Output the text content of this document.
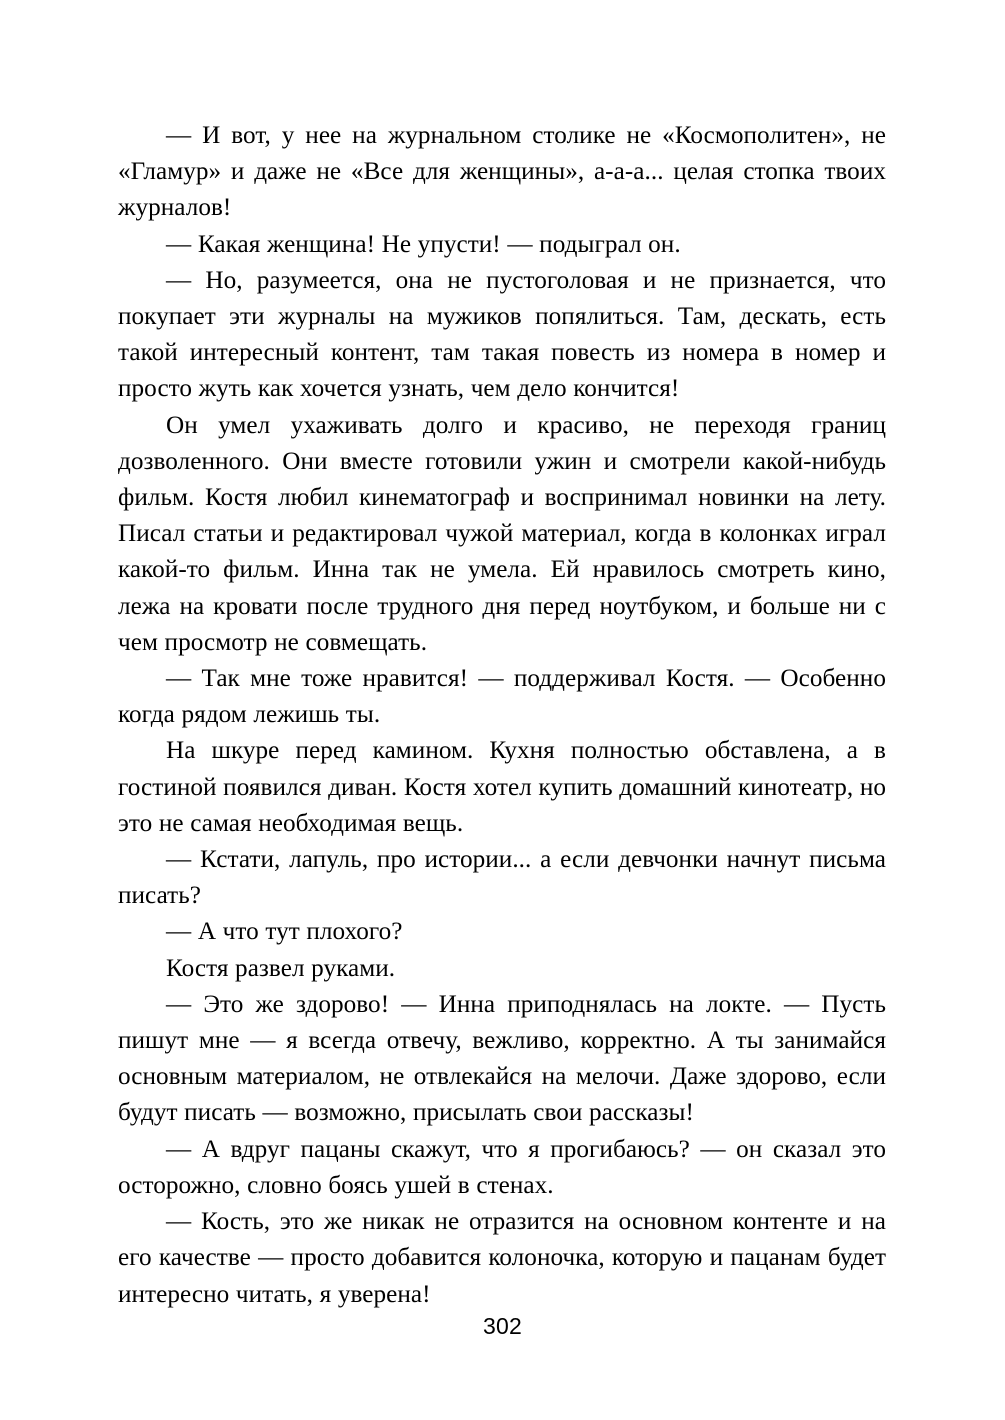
— И вот, у нее на журнальном столике не «Космополитен», не «Гламур» и даже не «Все для женщины», а-а-а... целая стопка твоих журналов!

— Какая женщина! Не упусти! — подыграл он.

— Но, разумеется, она не пустоголовая и не признается, что покупает эти журналы на мужиков попялиться. Там, дескать, есть такой интересный контент, там такая повесть из номера в номер и просто жуть как хочется узнать, чем дело кончится!

Он умел ухаживать долго и красиво, не переходя границ дозволенного. Они вместе готовили ужин и смотрели какой-нибудь фильм. Костя любил кинематограф и воспринимал новинки на лету. Писал статьи и редактировал чужой материал, когда в колонках играл какой-то фильм. Инна так не умела. Ей нравилось смотреть кино, лежа на кровати после трудного дня перед ноутбуком, и больше ни с чем просмотр не совмещать.

— Так мне тоже нравится! — поддерживал Костя. — Особенно когда рядом лежишь ты.

На шкуре перед камином. Кухня полностью обставлена, а в гостиной появился диван. Костя хотел купить домашний кинотеатр, но это не самая необходимая вещь.

— Кстати, лапуль, про истории... а если девчонки начнут письма писать?

— А что тут плохого?

Костя развел руками.

— Это же здорово! — Инна приподнялась на локте. — Пусть пишут мне — я всегда отвечу, вежливо, корректно. А ты занимайся основным материалом, не отвлекайся на мелочи. Даже здорово, если будут писать — возможно, присылать свои рассказы!

— А вдруг пацаны скажут, что я прогибаюсь? — он сказал это осторожно, словно боясь ушей в стенах.

— Кость, это же никак не отразится на основном контенте и на его качестве — просто добавится колоночка, которую и пацанам будет интересно читать, я уверена!

302
